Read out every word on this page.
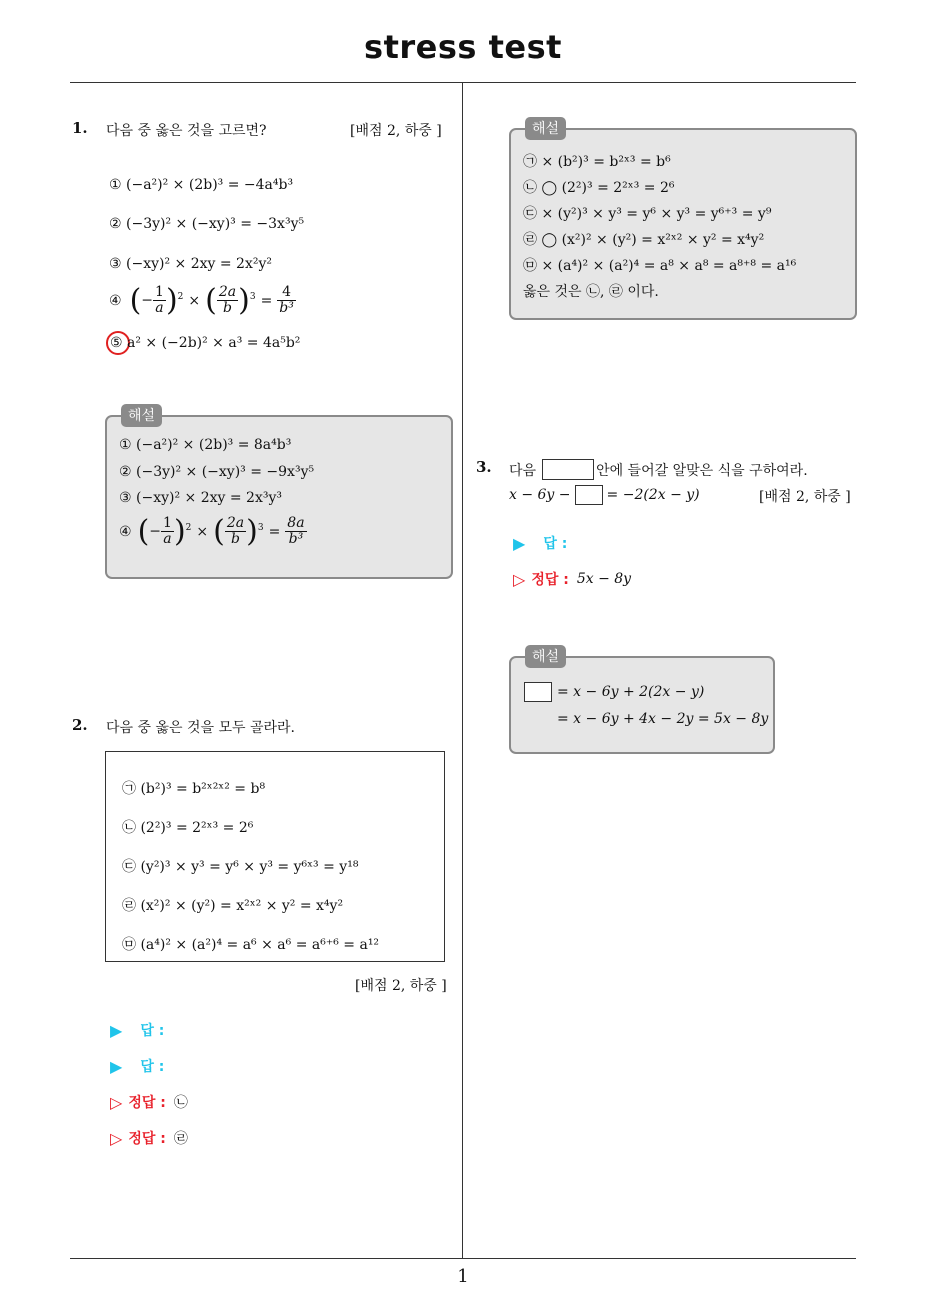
stress test
1. 다음 중 옳은 것을 고르면?	[배점 2, 하중 ]
① (−a²)² × (2b)³ = −4a⁴b³
② (−3y)² × (−xy)³ = −3x³y⁵
③ (−xy)² × 2xy = 2x²y²
④ (− $\frac{1}{a} )^2$ × ( $\frac{2a}{b} )^3 = \frac{4}{\text{b³}}$
⑤ a² × (−2b)² × a³ = 4a⁵b²
해설
① (−a²)² × (2b)³ = 8a⁴b³
② (−3y)² × (−xy)³ = −9x³y⁵
③ (−xy)² × 2xy = 2x³y³
④ (− $\frac{1}{a} )^2$ × ( $\frac{2a}{b} )^3 = \frac{8a}{\text{b³}}$
2. 다음 중 옳은 것을 모두 골라라.
㉠ (b²)³ = b²ˣ²ˣ² = b⁸
㉡ (2²)³ = 2²ˣ³ = 2⁶
㉢ (y²)³ × y³ = y⁶ × y³ = y⁶ˣ³ = y¹⁸
㉣ (x²)² × (y²) = x²ˣ² × y² = x⁴y²
㉤ (a⁴)² × (a²)⁴ = a⁶ × a⁶ = a⁶⁺⁶ = a¹²
[배점 2, 하중 ]
▶ 답 :
▶ 답 :
▷ 정답 : ㉡
▷ 정답 : ㉣
해설
㉠ × (b²)³ = b²ˣ³ = b⁶
㉡ ◯ (2²)³ = 2²ˣ³ = 2⁶
㉢ × (y²)³ × y³ = y⁶ × y³ = y⁶⁺³ = y⁹
㉣ ◯ (x²)² × (y²) = x²ˣ² × y² = x⁴y²
㉤ × (a⁴)² × (a²)⁴ = a⁸ × a⁸ = a⁸⁺⁸ = a¹⁶
옳은 것은 ㉡, ㉣ 이다.
3. 다음	안에 들어갈 알맞은 식을 구하여라.
x − 6y −	= −2(2x − y)	[배점 2, 하중 ]
▶ 답 :
▷ 정답 : 5x − 8y
해설
= x − 6y + 2(2x − y)
= x − 6y + 4x − 2y = 5x − 8y
1
